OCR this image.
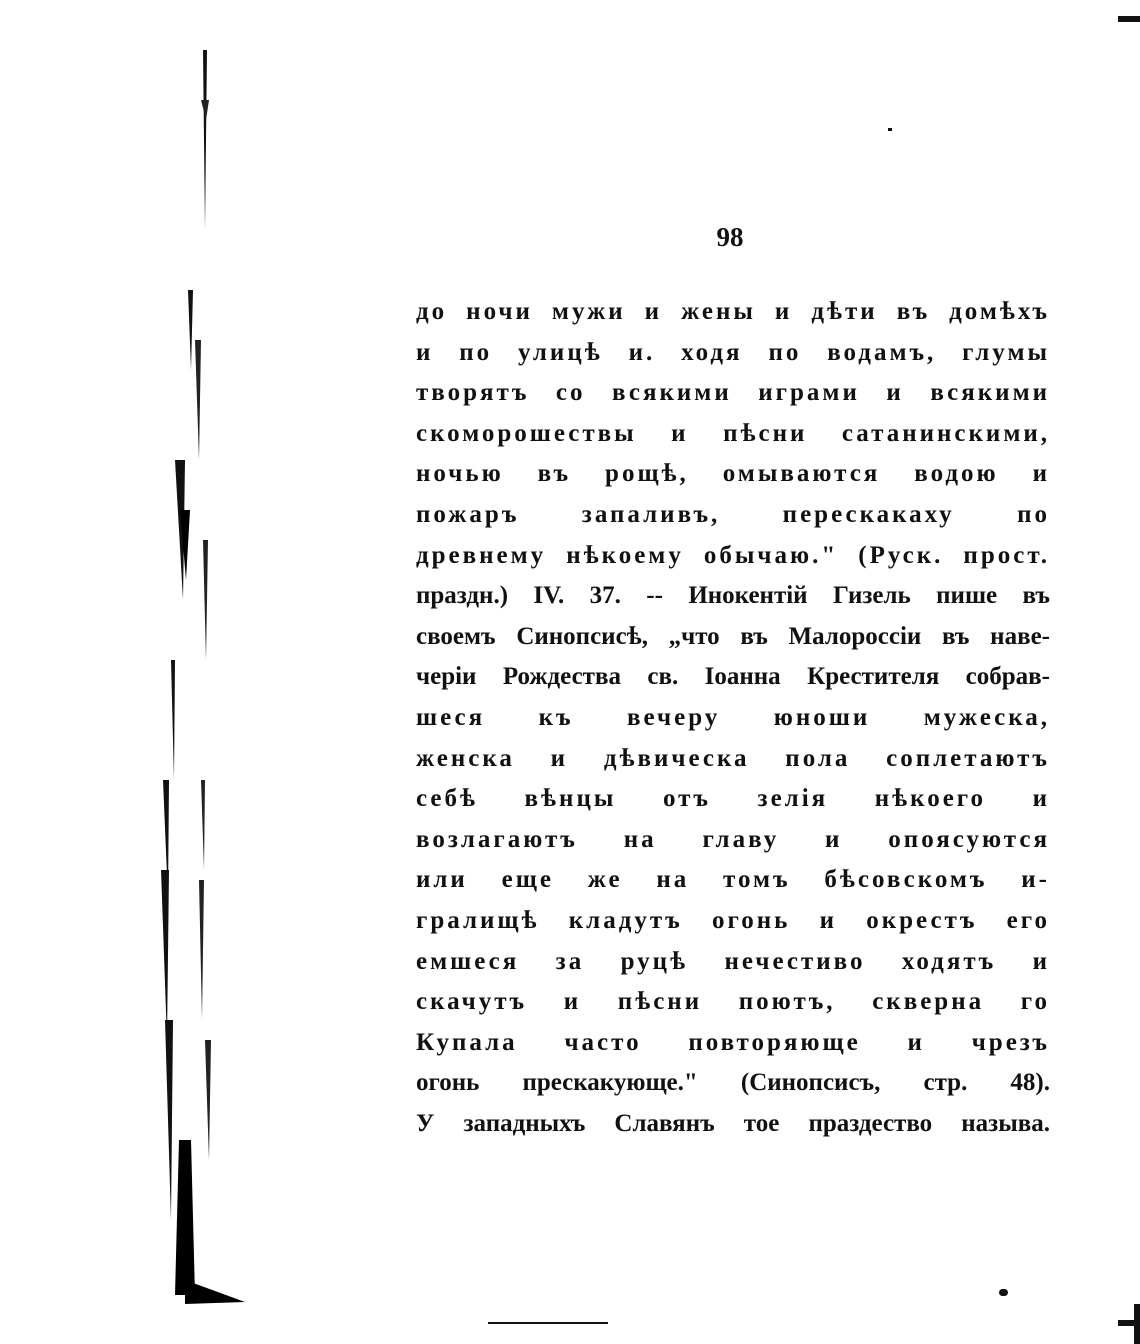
98
до ночи мужи и жены и дѣти въ домѣхъ
и по улицѣ и. ходя по водамъ, глумы
творятъ со всякими играми и всякими
скоморошествы и пѣсни сатанинскими,
ночью въ рощѣ, омываются водою и
пожаръ запаливъ, перескакаху по
древнему нѣкоему обычаю." (Руск. прост.
праздн.) IV. 37. -- Инокентій Гизель пише въ
своемъ Синопсисѣ, „что въ Малороссіи въ наве-
черіи Рождества св. Іоанна Крестителя собрав-
шеся къ вечеру юноши мужеска,
женска и дѣвическа пола соплетаютъ
себѣ вѣнцы отъ зелія нѣкоего и
возлагаютъ на главу и опоясуются
или еще же на томъ бѣсовскомъ и-
гралищѣ кладутъ огонь и окрестъ его
емшеся за руцѣ нечестиво ходятъ и
скачутъ и пѣсни поютъ, скверна го
Купала часто повторяюще и чрезъ
огонь прескакующе." (Синопсисъ, стр. 48).
У западныхъ Славянъ тое праздество называ.
